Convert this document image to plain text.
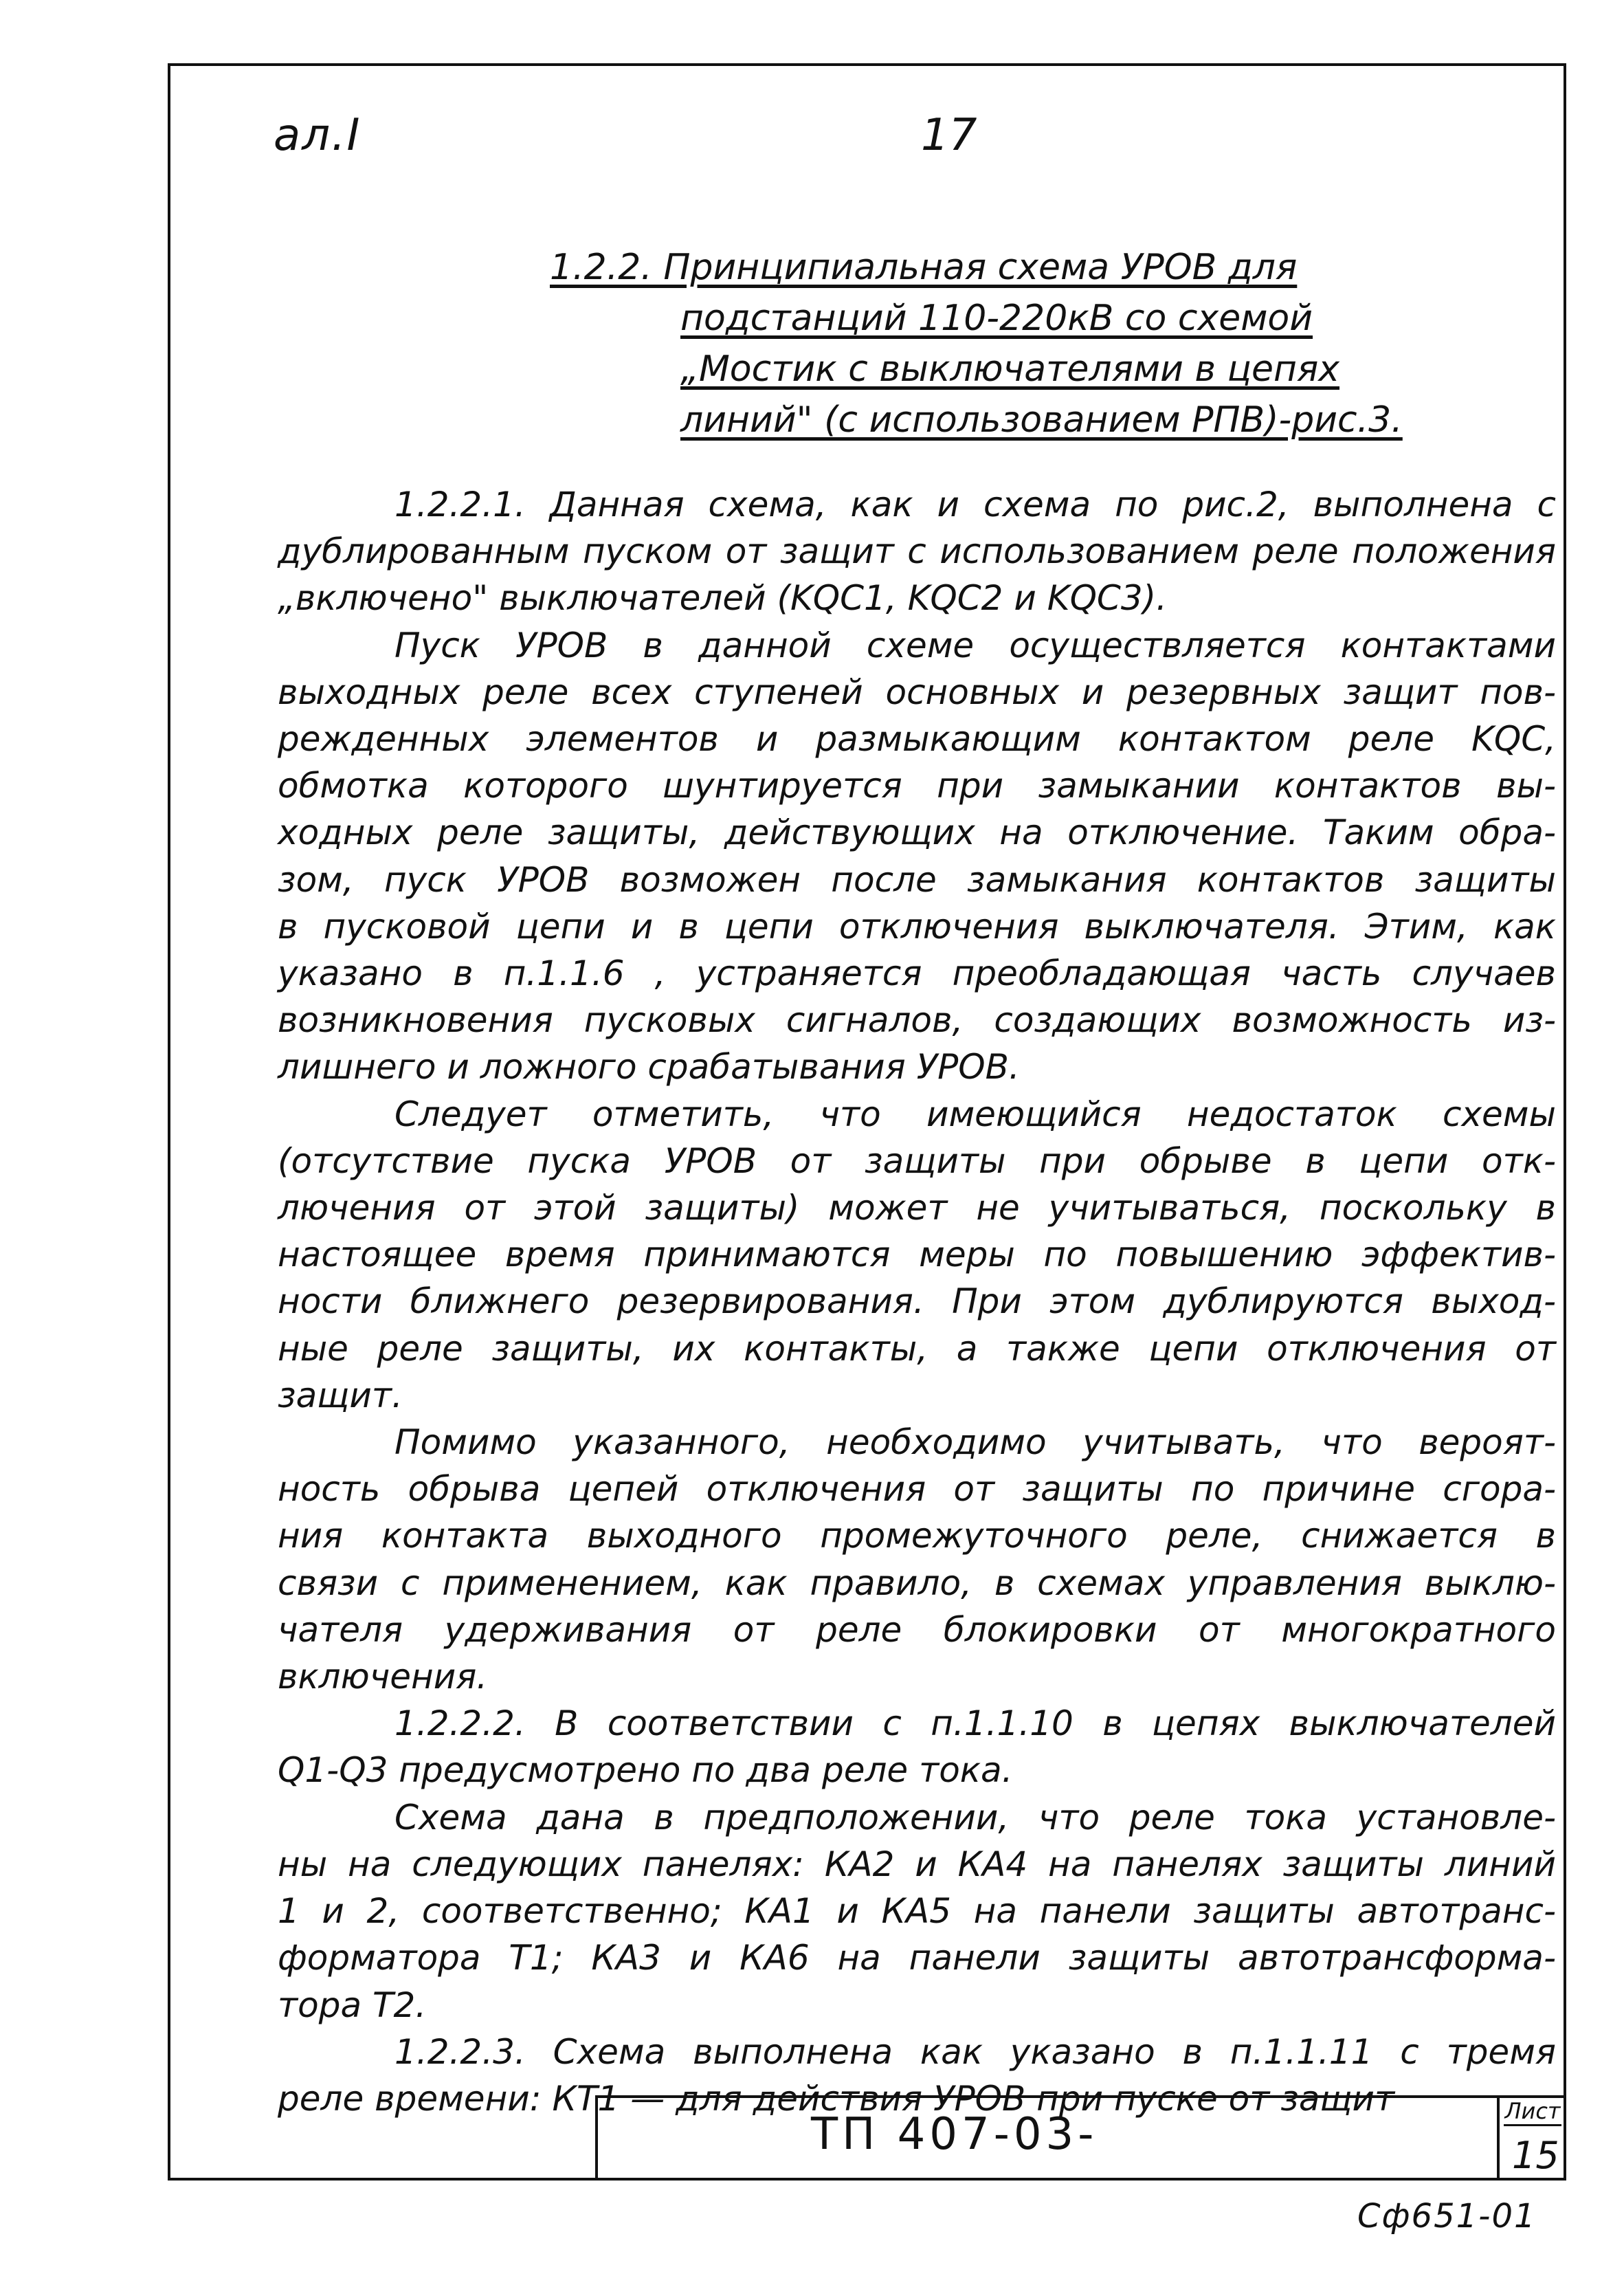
ал.I	17
1.2.2. Принципиальная схема УРОВ для
подстанций 110-220кВ со схемой
„Мостик с выключателями в цепях
линий" (с использованием РПВ)-рис.3.
1.2.2.1. Данная схема, как и схема по рис.2, выполнена с
дублированным пуском от защит с использованием реле положения
„включено" выключателей (KQC1, KQC2 и KQC3).
Пуск УРОВ в данной схеме осуществляется контактами
выходных реле всех ступеней основных и резервных защит пов-
режденных элементов и размыкающим контактом реле KQC,
обмотка которого шунтируется при замыкании контактов вы-
ходных реле защиты, действующих на отключение. Таким обра-
зом, пуск УРОВ возможен после замыкания контактов защиты
в пусковой цепи и в цепи отключения выключателя. Этим, как
указано в п.1.1.6 , устраняется преобладающая часть случаев
возникновения пусковых сигналов, создающих возможность из-
лишнего и ложного срабатывания УРОВ.
Следует отметить, что имеющийся недостаток схемы
(отсутствие пуска УРОВ от защиты при обрыве в цепи отк-
лючения от этой защиты) может не учитываться, поскольку в
настоящее время принимаются меры по повышению эффектив-
ности ближнего резервирования. При этом дублируются выход-
ные реле защиты, их контакты, а также цепи отключения от
защит.
Помимо указанного, необходимо учитывать, что вероят-
ность обрыва цепей отключения от защиты по причине сгора-
ния контакта выходного промежуточного реле, снижается в
связи с применением, как правило, в схемах управления выклю-
чателя удерживания от реле блокировки от многократного
включения.
1.2.2.2. В соответствии с п.1.1.10 в цепях выключателей
Q1-Q3 предусмотрено по два реле тока.
Схема дана в предположении, что реле тока установле-
ны на следующих панелях: КА2 и КА4 на панелях защиты линий
1 и 2, соответственно; КА1 и КА5 на панели защиты автотранс-
форматора Т1; КА3 и КА6 на панели защиты автотрансформа-
тора Т2.
1.2.2.3. Схема выполнена как указано в п.1.1.11 с тремя
реле времени: КТ1 — для действия УРОВ при пуске от защит
ТП 407-03-	Лист
15
Сф651-01
